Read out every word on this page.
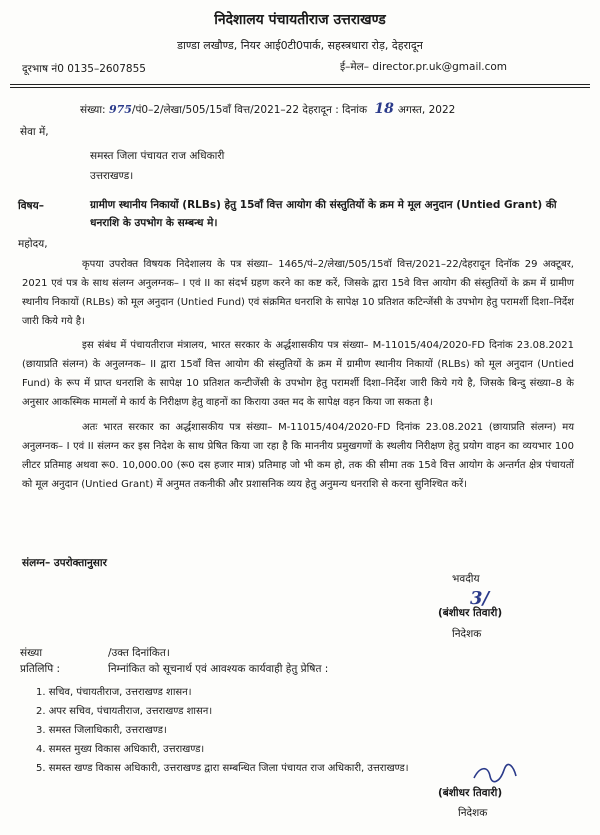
निदेशालय पंचायतीराज उत्तराखण्ड
डाण्डा लखौण्ड, नियर आई0टी0पार्क, सहस्त्रधारा रोड़, देहरादून
दूरभाष नं0 0135–2607855	ई–मेल– director.pr.uk@gmail.com
संख्या: 975/पं0–2/लेखा/505/15वाँ वित्त/2021–22 देहरादून : दिनांक 18 अगस्त, 2022
सेवा में,
समस्त जिला पंचायत राज अधिकारी
उत्तराखण्ड।
विषय–	ग्रामीण स्थानीय निकायों (RLBs) हेतु 15वाँ वित्त आयोग की संस्तुतियों के क्रम मे मूल अनुदान (Untied Grant) की धनराशि के उपभोग के सम्बन्ध मे।
महोदय,

कृपया उपरोक्त विषयक निदेशालय के पत्र संख्या– 1465/पं–2/लेखा/505/15वॉ वित्त/2021–22/देहरादून दिनॉक 29 अक्टूबर, 2021 एवं पत्र के साथ संलग्न अनुलग्नक– I एवं II का संदर्भ ग्रहण करने का कष्ट करें, जिसके द्वारा 15वे वित्त आयोग की संस्तुतियों के क्रम में ग्रामीण स्थानीय निकायों (RLBs) को मूल अनुदान (Untied Fund) एवं संक्रमित धनराशि के सापेक्ष 10 प्रतिशत कटिन्जेंसी के उपभोग हेतु परामर्शी दिशा–निर्देश जारी किये गये है।

इस संबंध में पंचायतीराज मंत्रालय, भारत सरकार के अर्द्धशासकीय पत्र संख्या– M-11015/404/2020-FD दिनांक 23.08.2021 (छायाप्रति संलग्न) के अनुलग्नक– II द्वारा 15वाँ वित्त आयोग की संस्तुतियों के क्रम में ग्रामीण स्थानीय निकायों (RLBs) को मूल अनुदान (Untied Fund) के रूप में प्राप्त धनराशि के सापेक्ष 10 प्रतिशत कन्टीजेंसी के उपभोग हेतु परामर्शी दिशा–निर्देश जारी किये गये है, जिसके बिन्दु संख्या–8 के अनुसार आकस्मिक मामलों मे कार्य के निरीक्षण हेतु वाहनों का किराया उक्त मद के सापेक्ष वहन किया जा सकता है।

अतः भारत सरकार का अर्द्धशासकीय पत्र संख्या– M-11015/404/2020-FD दिनांक 23.08.2021 (छायाप्रति संलग्न) मय अनुलग्नक– I एवं II संलग्न कर इस निदेश के साथ प्रेषित किया जा रहा है कि माननीय प्रमुखगणों के स्थलीय निरीक्षण हेतु प्रयोग वाहन का व्ययभार 100 लीटर प्रतिमाह अथवा रू0. 10,000.00 (रू0 दस हजार मात्र) प्रतिमाह जो भी कम हो, तक की सीमा तक 15वे वित्त आयोग के अन्तर्गत क्षेत्र पंचायतों को मूल अनुदान (Untied Grant) में अनुमत तकनीकी और प्रशासनिक व्यय हेतु अनुमन्य धनराशि से करना सुनिश्चित करें।

संलग्न– उपरोक्तानुसार
भवदीय
3/
(बंशीधर तिवारी)
निदेशक
संख्या	/उक्त दिनांकित।
प्रतिलिपि :	निम्नांकित को सूचनार्थ एवं आवश्यक कार्यवाही हेतु प्रेषित :
1. सचिव, पंचायतीराज, उत्तराखण्ड शासन।
2. अपर सचिव, पंचायतीराज, उत्तराखण्ड शासन।
3. समस्त जिलाधिकारी, उत्तराखण्ड।
4. समस्त मुख्य विकास अधिकारी, उत्तराखण्ड।
5. समस्त खण्ड विकास अधिकारी, उत्तराखण्ड द्वारा सम्बन्धित जिला पंचायत राज अधिकारी, उत्तराखण्ड।
(बंशीधर तिवारी)
निदेशक
